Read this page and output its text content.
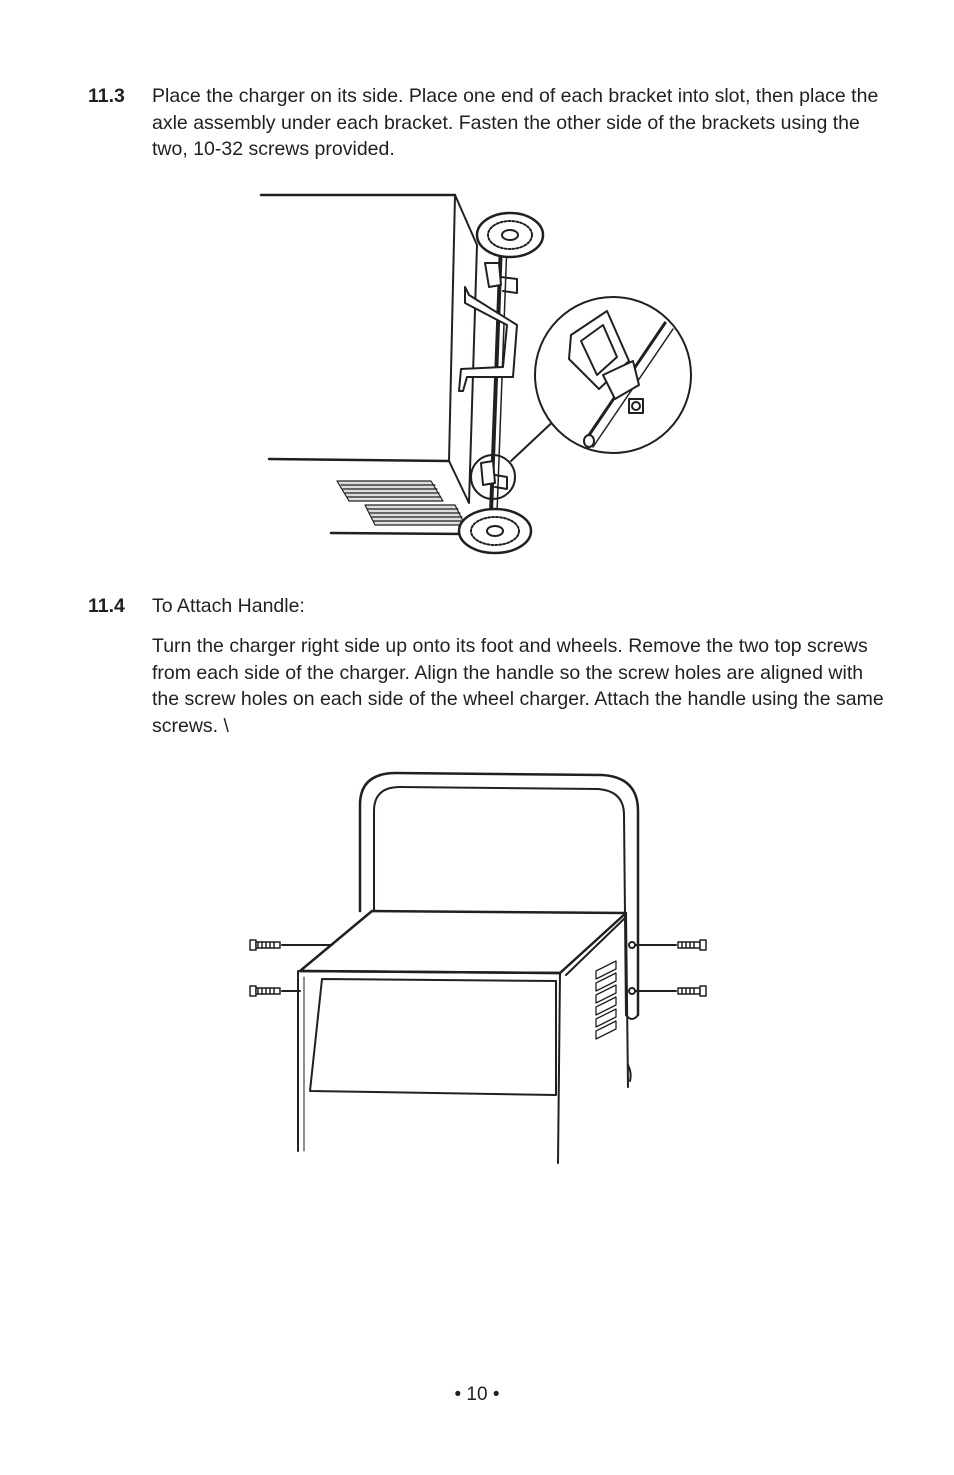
11.3 Place the charger on its side. Place one end of each bracket into slot, then place the axle assembly under each bracket. Fasten the other side of the brackets using the two, 10-32 screws provided.

11.4 To Attach Handle:

Turn the charger right side up onto its foot and wheels. Remove the two top screws from each side of the charger. Align the handle so the screw holes are aligned with the screw holes on each side of the wheel charger. Attach the handle using the same screws. \

• 10 •
